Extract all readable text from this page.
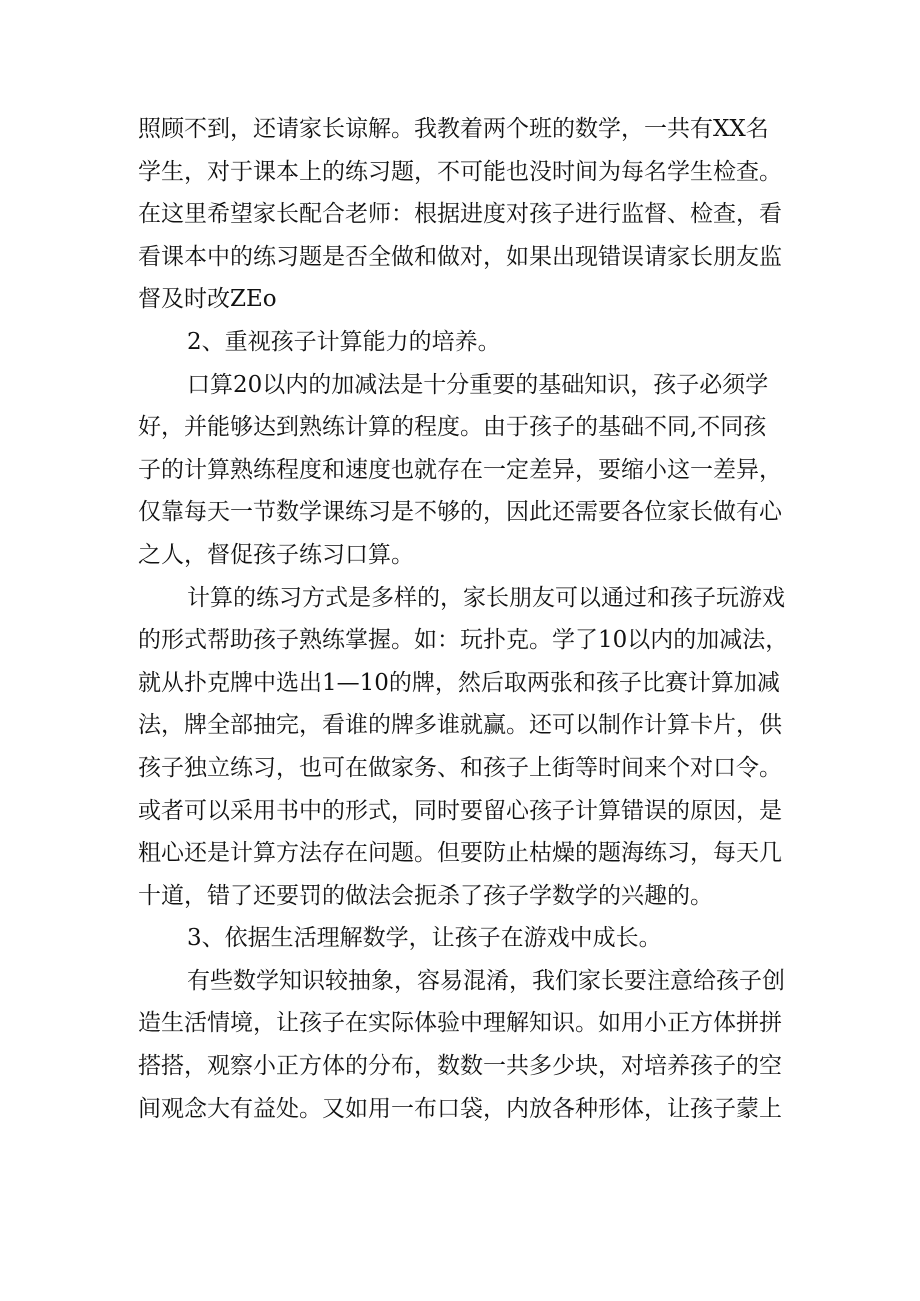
照顾不到，还请家长谅解。我教着两个班的数学，一共有XX名
学生，对于课本上的练习题，不可能也没时间为每名学生检查。
在这里希望家长配合老师：根据进度对孩子进行监督、检查，看
看课本中的练习题是否全做和做对，如果出现错误请家长朋友监
督及时改ZEo
2、重视孩子计算能力的培养。
口算20以内的加减法是十分重要的基础知识，孩子必须学
好，并能够达到熟练计算的程度。由于孩子的基础不同,不同孩
子的计算熟练程度和速度也就存在一定差异，要缩小这一差异，
仅靠每天一节数学课练习是不够的，因此还需要各位家长做有心
之人，督促孩子练习口算。
计算的练习方式是多样的，家长朋友可以通过和孩子玩游戏
的形式帮助孩子熟练掌握。如：玩扑克。学了10以内的加减法，
就从扑克牌中选出1—10的牌，然后取两张和孩子比赛计算加减
法，牌全部抽完，看谁的牌多谁就赢。还可以制作计算卡片，供
孩子独立练习，也可在做家务、和孩子上街等时间来个对口令。
或者可以采用书中的形式，同时要留心孩子计算错误的原因，是
粗心还是计算方法存在问题。但要防止枯燥的题海练习，每天几
十道，错了还要罚的做法会扼杀了孩子学数学的兴趣的。
3、依据生活理解数学，让孩子在游戏中成长。
有些数学知识较抽象，容易混淆，我们家长要注意给孩子创
造生活情境，让孩子在实际体验中理解知识。如用小正方体拼拼
搭搭，观察小正方体的分布，数数一共多少块，对培养孩子的空
间观念大有益处。又如用一布口袋，内放各种形体，让孩子蒙上
